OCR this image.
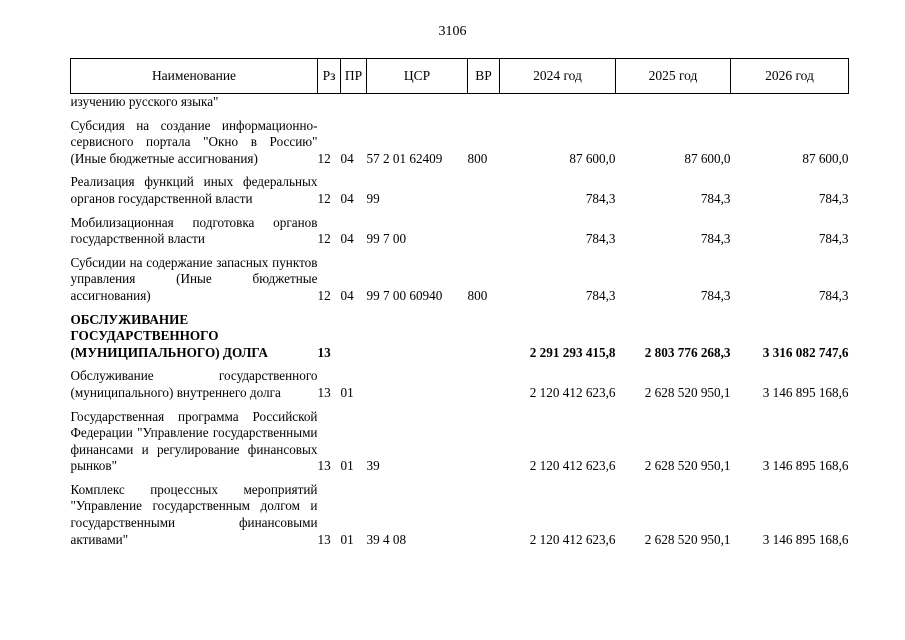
3106
Наименование	Рз	ПР	ЦСР	ВР	2024 год	2025 год	2026 год
изучению русского языка"							
Субсидия на создание информационно-сервисного портала "Окно в Россию" (Иные бюджетные ассигнования)	12	04	57 2 01 62409	800	87 600,0	87 600,0	87 600,0
Реализация функций иных федеральных органов государственной власти	12	04	99		784,3	784,3	784,3
Мобилизационная подготовка органов государственной власти	12	04	99 7 00		784,3	784,3	784,3
Субсидии на содержание запасных пунктов управления (Иные бюджетные ассигнования)	12	04	99 7 00 60940	800	784,3	784,3	784,3
ОБСЛУЖИВАНИЕ ГОСУДАРСТВЕННОГО (МУНИЦИПАЛЬНОГО) ДОЛГА	13				2 291 293 415,8	2 803 776 268,3	3 316 082 747,6
Обслуживание государственного (муниципального) внутреннего долга	13	01			2 120 412 623,6	2 628 520 950,1	3 146 895 168,6
Государственная программа Российской Федерации "Управление государственными финансами и регулирование финансовых рынков"	13	01	39		2 120 412 623,6	2 628 520 950,1	3 146 895 168,6
Комплекс процессных мероприятий "Управление государственным долгом и государственными финансовыми активами"	13	01	39 4 08		2 120 412 623,6	2 628 520 950,1	3 146 895 168,6
